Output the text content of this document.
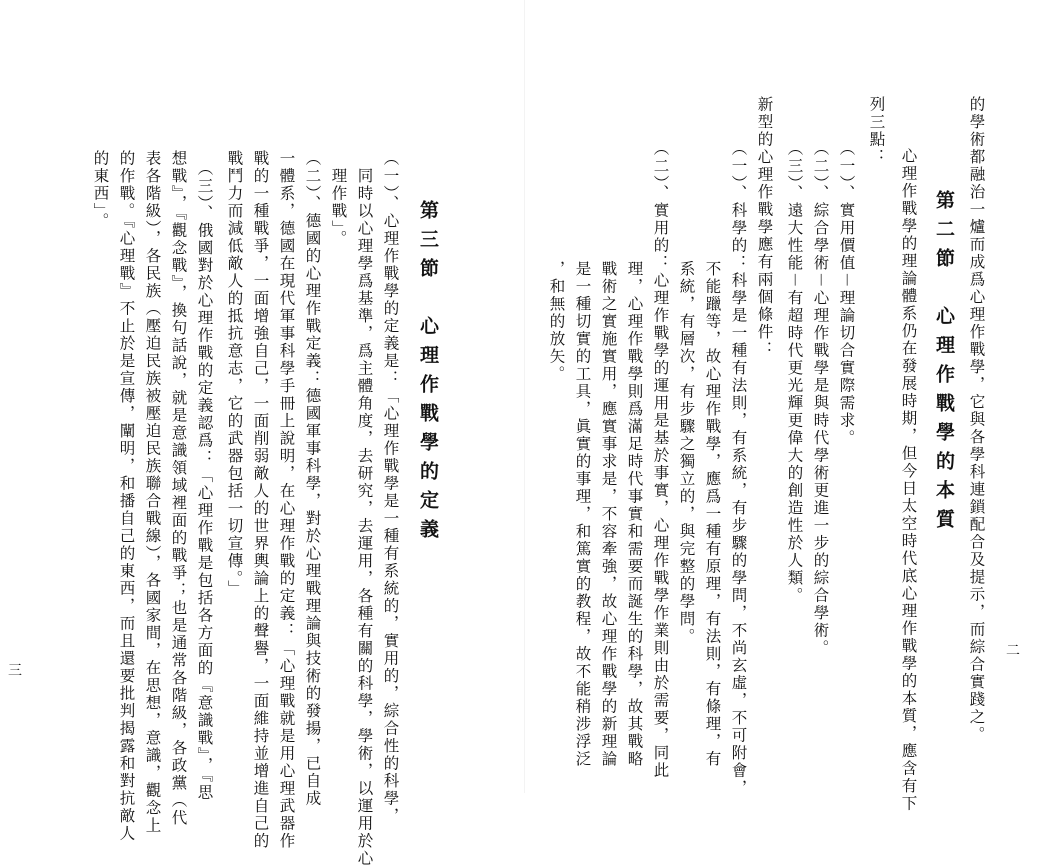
的學術都融治一爐而成爲心理作戰學，它與各學科連鎖配合及提示，而綜合實踐之。
　心理作戰學的理論體系仍在發展時期，但今日太空時代底心理作戰學的本質，應含有下
列三點：
第二節　心理作戰學的本質
　（一）、實用價值－理論切合實際需求。
　（二）、綜合學術－心理作戰學是與時代學術更進一步的綜合學術。
　（三）、遠大性能－有超時代更光輝更偉大的創造性於人類。
新型的心理作戰學應有兩個條件：
　（一）、科學的：科學是一種有法則，有系統，有步驟的學問，不尚玄虛，不可附會，
　　　不能躐等，故心理作戰學，應爲一種有原理，有法則，有條理，有
　　　系統，有層次，有步驟之獨立的，與完整的學問。
　（二）、實用的：心理作戰學的運用是基於事實，心理作戰學作業則由於需要，同此
　　　理，心理作戰學則爲滿足時代事實和需要而誕生的科學，故其戰略
　　　戰術之實施實用，應實事求是，不容牽強，故心理作戰學的新理論
　　　是一種切實的工具，眞實的事理，和篤實的教程，故不能稍涉浮泛
　　　，和無的放矢。
二
第三節　心理作戰學的定義
（一）、心理作戰學的定義是：「心理作戰學是一種有系統的，實用的，綜合性的科學，
　同時以心理學爲基準，爲主體角度，去研究，去運用，各種有關的科學，學術，以運用於心
　理作戰」。
（二）、德國的心理作戰定義：德國軍事科學，對於心理戰理論與技術的發揚，已自成
一體系，德國在現代軍事科學手冊上說明，在心理作戰的定義：「心理戰就是用心理武器作
戰的一種戰爭，一面增強自己，一面削弱敵人的世界輿論上的聲譽，一面維持並增進自己的
戰鬥力而減低敵人的抵抗意志，它的武器包括一切宣傳。」
　（三）、俄國對於心理作戰的定義認爲：「心理作戰是包括各方面的『意識戰』，『思
想戰』，『觀念戰』，換句話說，就是意識領域裡面的戰爭；也是通常各階級，各政黨（代
表各階級），各民族（壓迫民族被壓迫民族聯合戰線），各國家間，在思想，意識，觀念上
的作戰。『心理戰』不止於是宣傳，闡明，和播自己的東西，而且還要批判揭露和對抗敵人
的東西」。
三
